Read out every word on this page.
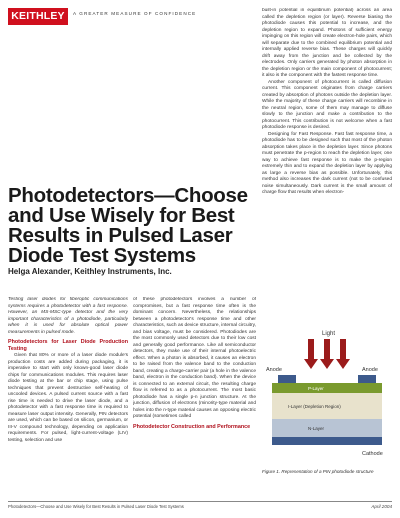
KEITHLEY	A GREATER MEASURE OF CONFIDENCE
Photodetectors—Choose and Use Wisely for Best Results in Pulsed Laser Diode Test Systems
Helga Alexander, Keithley Instruments, Inc.

Testing laser diodes for fiberoptic communications systems requires a photodetector with a fast response. However, an MS-MSC-type detector and the very important characteristics of a photodiode, particularly when it is used for absolute optical power measurements in pulsed mode.

Photodetectors for Laser Diode Production Testing

Given that 80% or more of a laser diode module's production costs are added during packaging, it is imperative to start with only known-good laser diode chips for communications modules. This requires laser diode testing at the bar or chip stage, using pulse techniques that prevent destructive self-heating of uncooled devices. A pulsed current source with a fast rise time is needed to drive the laser diode, and a photodetector with a fast response time is required to measure laser output intensity. Generally, PIN detectors are used, which can be based on silicon, germanium, or III-V compound technology, depending on application requirements. For pulsed, light-current-voltage (LIV) testing, selection and use

of these photodetectors involves a number of compromises, but a fast response time often is the dominant concern. Nevertheless, the relationships between a photodetector's response time and other characteristics, such as device structure, internal circuitry, and bias voltage, must be considered. Photodiodes are the most commonly used detectors due to their low cost and generally good performance. Like all semiconductor detectors, they make use of their internal photoelectric effect. When a photon is absorbed, it causes an electron to be raised from the valence band to the conduction band, creating a charge-carrier pair (a hole in the valence band, electron in the conduction band). When the device is connected to an external circuit, the resulting charge flow is referred to as a photocurrent. The most basic photodiode has a single p-n junction structure. At the junction, diffusion of electrons (minority-type material and holes into the n-type material causes an opposing electric potential (sometimes called

Photodetector Construction and Performance

built-in potential in equilibrium potential) across an area called the depletion region (or layer). Reverse biasing the photodiode causes this potential to increase, and the depletion region to expand. Photons of sufficient energy impinging on this region will create electron-hole pairs, which will separate due to the combined equilibrium potential and internally applied reverse bias. These charges will quickly drift away from the junction and be collected by the electrodes. Only carriers generated by photon absorption in the depletion region or the main component of photocurrent; it also is the component with the fastest response time.

Another component of photocurrent is called diffusion current. This component originates from charge carriers created by absorption of photons outside the depletion layer. While the majority of these charge carriers will recombine in the neutral region, some of them may manage to diffuse slowly to the junction and make a contribution to the photocurrent. This contribution is not welcome when a fast photodiode response is desired.

Designing for Fast Response. Fast fast response time, a photodiode has to be designed such that most of the photon absorption takes place in the depletion layer. Since photons must penetrate the p-region to reach the depletion layer, one way to achieve fast response is to make the p-region extremely thin and to expand the depletion layer by applying as large a reverse bias as possible. Unfortunately, this method also increases the dark current (not to be confused noise simultaneously. Dark current is the small amount of charge flow that results when electron-

Light
Anode	Anode
P-Layer
I-Layer (Depletion Region)
N-Layer
Cathode
Figure 1. Representation of a PIN photodiode structure
Photodetectors—Choose and Use Wisely for Best Results in Pulsed Laser Diode Test Systems	April 2004
